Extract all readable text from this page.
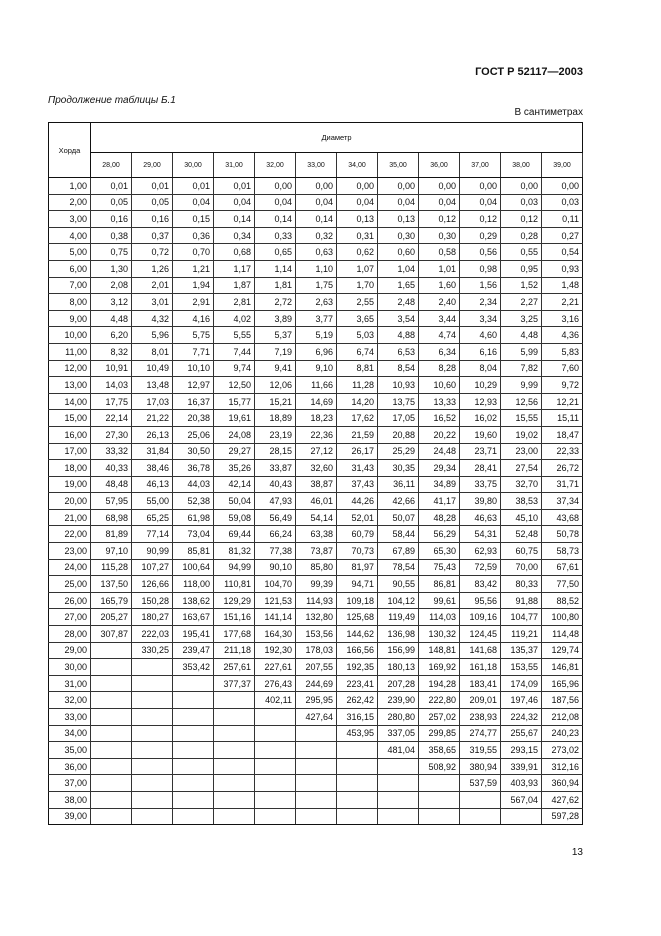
ГОСТ Р 52117—2003
Продолжение таблицы Б.1
В сантиметрах
Хорда	Диаметр											
	28,00	29,00	30,00	31,00	32,00	33,00	34,00	35,00	36,00	37,00	38,00	39,00
1,00	0,01	0,01	0,01	0,01	0,00	0,00	0,00	0,00	0,00	0,00	0,00	0,00
2,00	0,05	0,05	0,04	0,04	0,04	0,04	0,04	0,04	0,04	0,04	0,03	0,03
3,00	0,16	0,16	0,15	0,14	0,14	0,14	0,13	0,13	0,12	0,12	0,12	0,11
4,00	0,38	0,37	0,36	0,34	0,33	0,32	0,31	0,30	0,30	0,29	0,28	0,27
5,00	0,75	0,72	0,70	0,68	0,65	0,63	0,62	0,60	0,58	0,56	0,55	0,54
6,00	1,30	1,26	1,21	1,17	1,14	1,10	1,07	1,04	1,01	0,98	0,95	0,93
7,00	2,08	2,01	1,94	1,87	1,81	1,75	1,70	1,65	1,60	1,56	1,52	1,48
8,00	3,12	3,01	2,91	2,81	2,72	2,63	2,55	2,48	2,40	2,34	2,27	2,21
9,00	4,48	4,32	4,16	4,02	3,89	3,77	3,65	3,54	3,44	3,34	3,25	3,16
10,00	6,20	5,96	5,75	5,55	5,37	5,19	5,03	4,88	4,74	4,60	4,48	4,36
11,00	8,32	8,01	7,71	7,44	7,19	6,96	6,74	6,53	6,34	6,16	5,99	5,83
12,00	10,91	10,49	10,10	9,74	9,41	9,10	8,81	8,54	8,28	8,04	7,82	7,60
13,00	14,03	13,48	12,97	12,50	12,06	11,66	11,28	10,93	10,60	10,29	9,99	9,72
14,00	17,75	17,03	16,37	15,77	15,21	14,69	14,20	13,75	13,33	12,93	12,56	12,21
15,00	22,14	21,22	20,38	19,61	18,89	18,23	17,62	17,05	16,52	16,02	15,55	15,11
16,00	27,30	26,13	25,06	24,08	23,19	22,36	21,59	20,88	20,22	19,60	19,02	18,47
17,00	33,32	31,84	30,50	29,27	28,15	27,12	26,17	25,29	24,48	23,71	23,00	22,33
18,00	40,33	38,46	36,78	35,26	33,87	32,60	31,43	30,35	29,34	28,41	27,54	26,72
19,00	48,48	46,13	44,03	42,14	40,43	38,87	37,43	36,11	34,89	33,75	32,70	31,71
20,00	57,95	55,00	52,38	50,04	47,93	46,01	44,26	42,66	41,17	39,80	38,53	37,34
21,00	68,98	65,25	61,98	59,08	56,49	54,14	52,01	50,07	48,28	46,63	45,10	43,68
22,00	81,89	77,14	73,04	69,44	66,24	63,38	60,79	58,44	56,29	54,31	52,48	50,78
23,00	97,10	90,99	85,81	81,32	77,38	73,87	70,73	67,89	65,30	62,93	60,75	58,73
24,00	115,28	107,27	100,64	94,99	90,10	85,80	81,97	78,54	75,43	72,59	70,00	67,61
25,00	137,50	126,66	118,00	110,81	104,70	99,39	94,71	90,55	86,81	83,42	80,33	77,50
26,00	165,79	150,28	138,62	129,29	121,53	114,93	109,18	104,12	99,61	95,56	91,88	88,52
27,00	205,27	180,27	163,67	151,16	141,14	132,80	125,68	119,49	114,03	109,16	104,77	100,80
28,00	307,87	222,03	195,41	177,68	164,30	153,56	144,62	136,98	130,32	124,45	119,21	114,48
29,00		330,25	239,47	211,18	192,30	178,03	166,56	156,99	148,81	141,68	135,37	129,74
30,00			353,42	257,61	227,61	207,55	192,35	180,13	169,92	161,18	153,55	146,81
31,00				377,37	276,43	244,69	223,41	207,28	194,28	183,41	174,09	165,96
32,00					402,11	295,95	262,42	239,90	222,80	209,01	197,46	187,56
33,00						427,64	316,15	280,80	257,02	238,93	224,32	212,08
34,00							453,95	337,05	299,85	274,77	255,67	240,23
35,00								481,04	358,65	319,55	293,15	273,02
36,00									508,92	380,94	339,91	312,16
37,00										537,59	403,93	360,94
38,00											567,04	427,62
39,00												597,28
13
